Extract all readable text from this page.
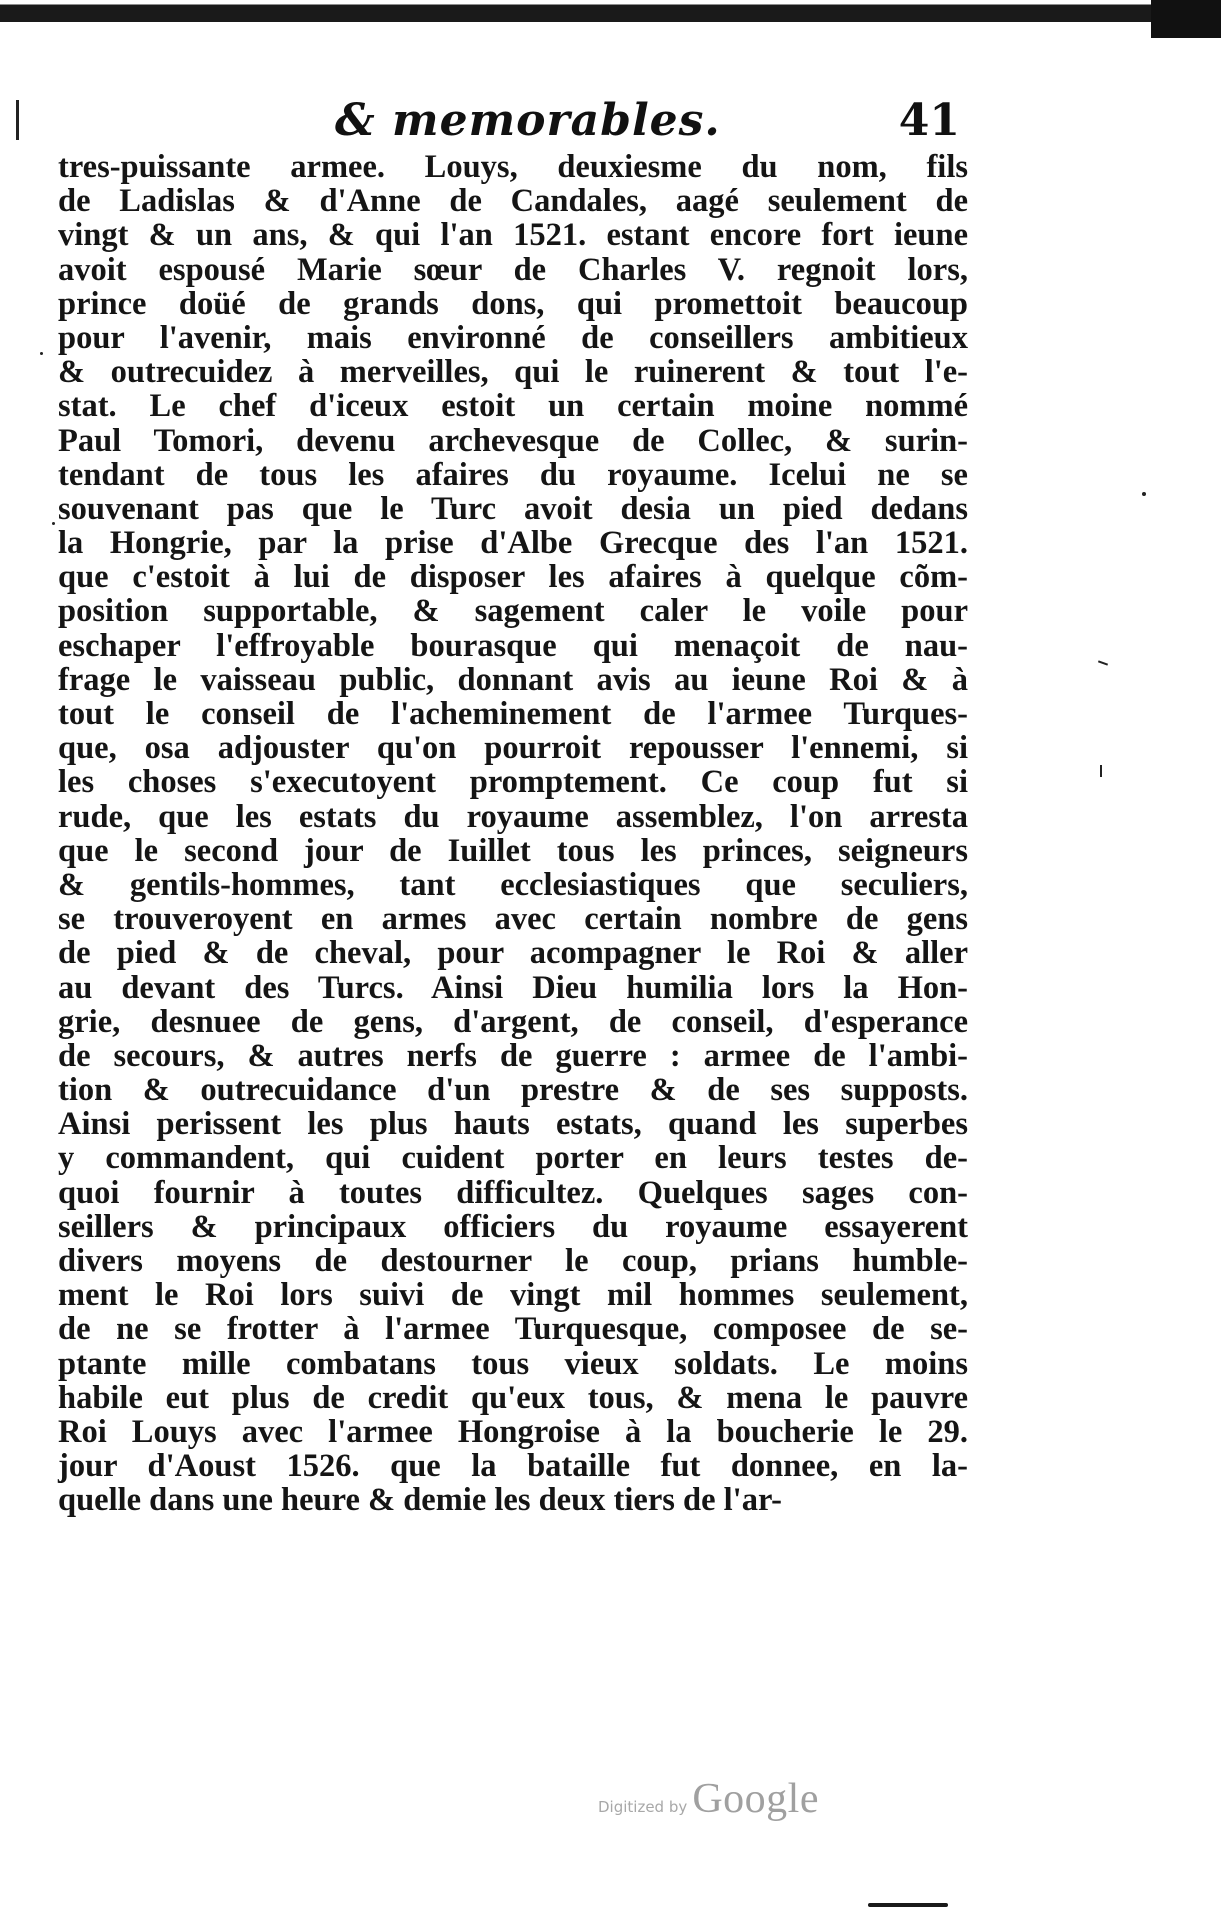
& memorables.	41
tres-puissante armee. Louys, deuxiesme du nom, fils
de Ladislas & d'Anne de Candales, aagé seulement de
vingt & un ans, & qui l'an 1521. estant encore fort ieune
avoit espousé Marie sœur de Charles V. regnoit lors,
prince doüé de grands dons, qui promettoit beaucoup
pour l'avenir, mais environné de conseillers ambitieux
& outrecuidez à merveilles, qui le ruinerent & tout l'e-
stat. Le chef d'iceux estoit un certain moine nommé
Paul Tomori, devenu archevesque de Collec, & surin-
tendant de tous les afaires du royaume. Icelui ne se
souvenant pas que le Turc avoit desia un pied dedans
la Hongrie, par la prise d'Albe Grecque des l'an 1521.
que c'estoit à lui de disposer les afaires à quelque cõm-
position supportable, & sagement caler le voile pour
eschaper l'effroyable bourasque qui menaçoit de nau-
frage le vaisseau public, donnant avis au ieune Roi & à
tout le conseil de l'acheminement de l'armee Turques-
que, osa adjouster qu'on pourroit repousser l'ennemi, si
les choses s'executoyent promptement. Ce coup fut si
rude, que les estats du royaume assemblez, l'on arresta
que le second jour de Iuillet tous les princes, seigneurs
& gentils-hommes, tant ecclesiastiques que seculiers,
se trouveroyent en armes avec certain nombre de gens
de pied & de cheval, pour acompagner le Roi & aller
au devant des Turcs. Ainsi Dieu humilia lors la Hon-
grie, desnuee de gens, d'argent, de conseil, d'esperance
de secours, & autres nerfs de guerre : armee de l'ambi-
tion & outrecuidance d'un prestre & de ses supposts.
Ainsi perissent les plus hauts estats, quand les superbes
y commandent, qui cuident porter en leurs testes de-
quoi fournir à toutes difficultez. Quelques sages con-
seillers & principaux officiers du royaume essayerent
divers moyens de destourner le coup, prians humble-
ment le Roi lors suivi de vingt mil hommes seulement,
de ne se frotter à l'armee Turquesque, composee de se-
ptante mille combatans tous vieux soldats. Le moins
habile eut plus de credit qu'eux tous, & mena le pauvre
Roi Louys avec l'armee Hongroise à la boucherie le 29.
jour d'Aoust 1526. que la bataille fut donnee, en la-
quelle dans une heure & demie les deux tiers de l'ar-
Digitized by Google
